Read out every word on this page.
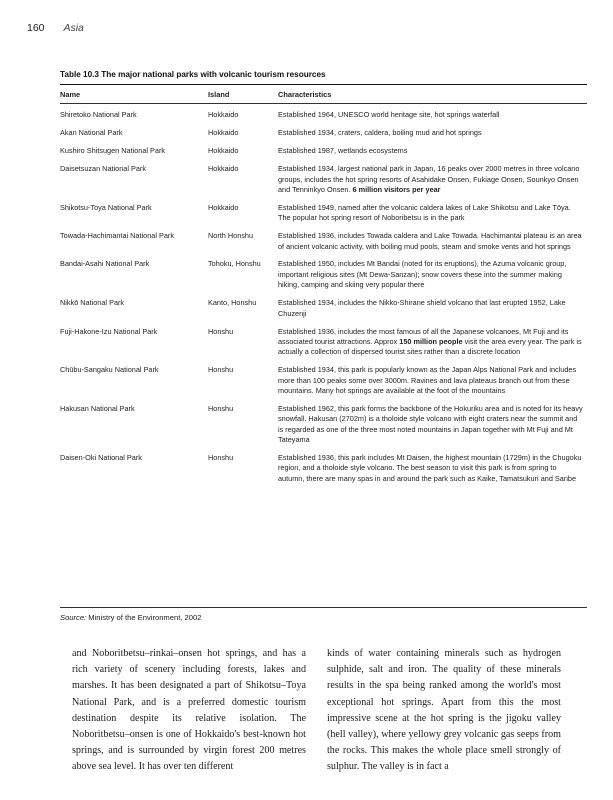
160 Asia
Table 10.3 The major national parks with volcanic tourism resources
Name	Island	Characteristics
Shiretoko National Park	Hokkaido	Established 1964, UNESCO world heritage site, hot springs waterfall
Akan National Park	Hokkaido	Established 1934, craters, caldera, boiling mud and hot springs
Kushiro Shitsugen National Park	Hokkaido	Established 1987, wetlands ecosystems
Daisetsuzan National Park	Hokkaido	Established 1934, largest national park in Japan, 16 peaks over 2000 metres in three volcano groups, includes the hot spring resorts of Asahidake Onsen, Fukiage Onsen, Sounkyo Onsen and Tenninkyo Onsen. 6 million visitors per year
Shikotsu-Toya National Park	Hokkaido	Established 1949, named after the volcanic caldera lakes of Lake Shikotsu and Lake Tōya. The popular hot spring resort of Noboribetsu is in the park
Towada-Hachimantai National Park	North Honshu	Established 1936, includes Towada caldera and Lake Towada. Hachimantai plateau is an area of ancient volcanic activity, with boiling mud pools, steam and smoke vents and hot springs
Bandai-Asahi National Park	Tohoku, Honshu	Established 1950, includes Mt Bandai (noted for its eruptions), the Azuma volcanic group, important religious sites (Mt Dewa-Sanzan); snow covers these into the summer making hiking, camping and skiing very popular there
Nikkō National Park	Kanto, Honshu	Established 1934, includes the Nikko-Shirane shield volcano that last erupted 1952, Lake Chuzenji
Fuji-Hakone-Izu National Park	Honshu	Established 1936, includes the most famous of all the Japanese volcanoes, Mt Fuji and its associated tourist attractions. Approx 150 million people visit the area every year. The park is actually a collection of dispersed tourist sites rather than a discrete location
Chūbu-Sangaku National Park	Honshu	Established 1934, this park is popularly known as the Japan Alps National Park and includes more than 100 peaks some over 3000m. Ravines and lava plateaus branch out from these mountains. Many hot springs are available at the foot of the mountains
Hakusan National Park	Honshu	Established 1962, this park forms the backbone of the Hokuriku area and is noted for its heavy snowfall. Hakusan (2702m) is a tholoide style volcano with eight craters near the summit and is regarded as one of the three most noted mountains in Japan together with Mt Fuji and Mt Tateyama
Daisen-Oki National Park	Honshu	Established 1936, this park includes Mt Daisen, the highest mountain (1729m) in the Chugoku region, and a tholoide style volcano. The best season to visit this park is from spring to autumn, there are many spas in and around the park such as Kaike, Tamatsukuri and Sanbe
Source: Ministry of the Environment, 2002

and Noboritbetsu–rinkai–onsen hot springs, and has a rich variety of scenery including forests, lakes and marshes. It has been designated a part of Shikotsu–Toya National Park, and is a preferred domestic tourism destination despite its relative isolation. The Noboritbetsu–onsen is one of Hokkaido's best-known hot springs, and is surrounded by virgin forest 200 metres above sea level. It has over ten different

kinds of water containing minerals such as hydrogen sulphide, salt and iron. The quality of these minerals results in the spa being ranked among the world's most exceptional hot springs. Apart from this the most impressive scene at the hot spring is the jigoku valley (hell valley), where yellowy grey volcanic gas seeps from the rocks. This makes the whole place smell strongly of sulphur. The valley is in fact a
